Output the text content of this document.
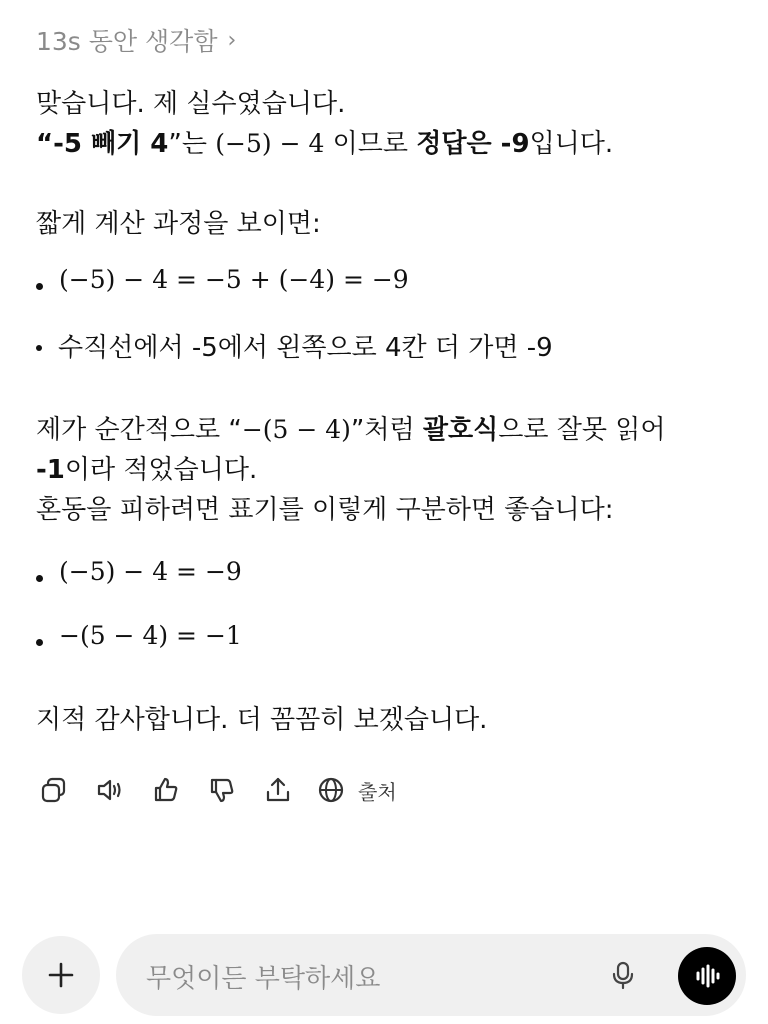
13s 동안 생각함 ›
맞습니다. 제 실수였습니다.
“-5 빼기 4”는 (−5) − 4 이므로 정답은 -9입니다.
짧게 계산 과정을 보이면:
(−5) − 4 = −5 + (−4) = −9
수직선에서 -5에서 왼쪽으로 4칸 더 가면 -9
제가 순간적으로 “−(5 − 4)”처럼 괄호식으로 잘못 읽어
-1이라 적었습니다.
혼동을 피하려면 표기를 이렇게 구분하면 좋습니다:
(−5) − 4 = −9
−(5 − 4) = −1
지적 감사합니다. 더 꼼꼼히 보겠습니다.
출처
무엇이든 부탁하세요
